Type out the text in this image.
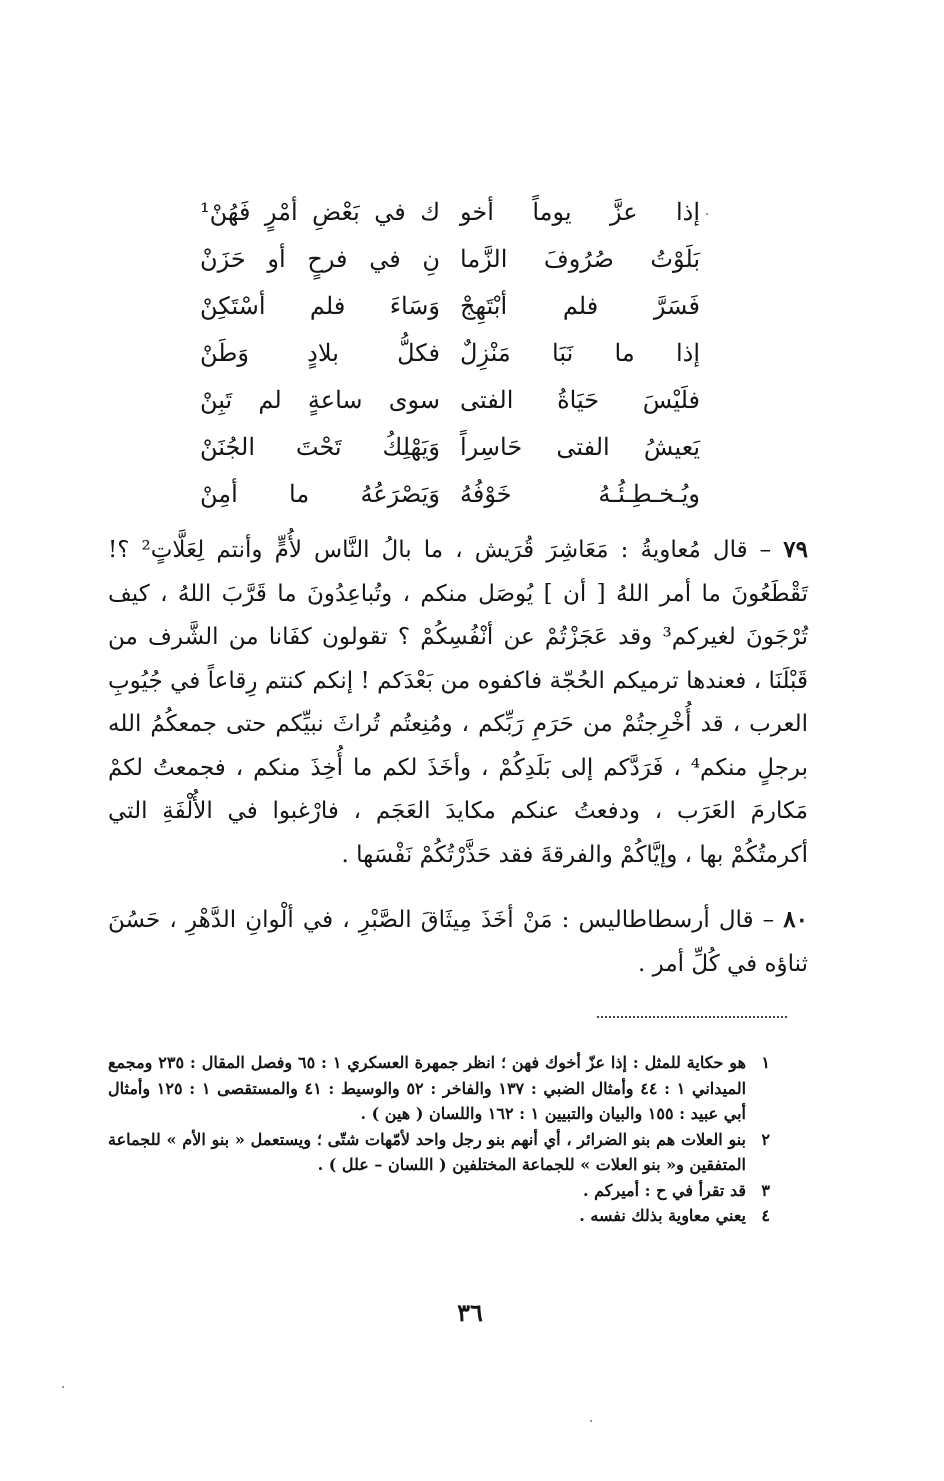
إذا عزَّ يوماً أخو
ك في بَعْضِ أمْرٍ فَهُنْ¹
بَلَوْتُ صُرُوفَ الزَّما
نِ في فرحٍ أو حَزَنْ
فَسَرَّ فلم أبْتَهِجْ
وَسَاءَ فلم أسْتَكِنْ
إذا ما نَبَا مَنْزِلٌ
فكلُّ بلادٍ وَطَنْ
فلَيْسَ حَيَاةُ الفتى
سوى ساعةٍ لم تَبِنْ
يَعيشُ الفتى حَاسِراً
وَيَهْلِكُ تَحْتَ الجُنَنْ
ويُـخـطِـئُـهُ خَوْفُهُ
وَيَصْرَعُهُ ما أمِنْ

٧٩ – قال مُعاويةُ : مَعَاشِرَ قُرَيش ، ما بالُ النَّاس لأُمٍّ وأنتم لِعَلَّاتٍ² ؟! تَقْطَعُونَ ما أمر اللهُ [ أن ] يُوصَل منكم ، وتُباعِدُونَ ما قَرَّبَ اللهُ ، كيف تُرْجَونَ لغيركم³ وقد عَجَزْتُمْ عن أنْفُسِكُمْ ؟ تقولون كفَانا من الشَّرف من قَبْلَنَا ، فعندها ترميكم الحُجّة فاكفوه من بَعْدَكم ! إنكم كنتم رِقاعاً في جُيُوبِ العرب ، قد أُخْرِجتُمْ من حَرَمِ رَبِّكم ، ومُنِعتُم تُراثَ نبيِّكم حتى جمعكُمُ الله برجلٍ منكم⁴ ، فَرَدَّكم إلى بَلَدِكُمْ ، وأخَذَ لكم ما أُخِذَ منكم ، فجمعتُ لكمْ مَكارمَ العَرَب ، ودفعتُ عنكم مكايدَ العَجَم ، فارْغبوا في الأُلْفَةِ التي أكرمتُكُمْ بها ، وإيَّاكُمْ والفرقةَ فقد حَذَّرْتُكُمْ نَفْسَها .

٨٠ – قال أرسطاطاليس : مَنْ أخَذَ مِيثَاقَ الصَّبْرِ ، في ألْوانِ الدَّهْرِ ، حَسُنَ ثناؤه في كُلِّ أمر .

١
هو حكاية للمثل : إذا عزّ أخوك فهن ؛ انظر جمهرة العسكري ١ : ٦٥ وفصل المقال : ٢٣٥ ومجمع الميداني ١ : ٤٤ وأمثال الضبي : ١٣٧ والفاخر : ٥٢ والوسيط : ٤١ والمستقصى ١ : ١٢٥ وأمثال أبي عبيد : ١٥٥ والبيان والتبيين ١ : ١٦٢ واللسان ( هين ) .
٢
بنو العلات هم بنو الضرائر ، أي أنهم بنو رجل واحد لأمّهات شتّى ؛ ويستعمل « بنو الأم » للجماعة المتفقين و« بنو العلات » للجماعة المختلفين ( اللسان – علل ) .
٣
قد تقرأ في ح : أميركم .
٤
يعني معاوية بذلك نفسه .
٣٦
